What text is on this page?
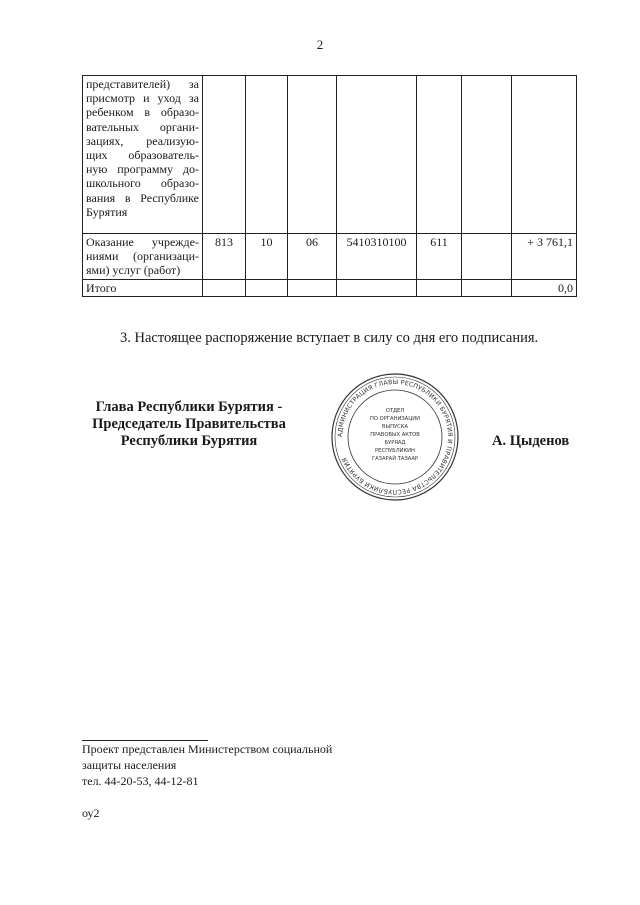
2
представителей) за присмотр и уход за ребенком в образо-вательных органи-зациях, реализую-щих образователь-ную программу до-школьного образо-вания в Республике Бурятия							
Оказание учрежде-ниями (организаци-ями) услуг (работ)	813	10	06	5410310100	611		+ 3 761,1
Итого							0,0
3. Настоящее распоряжение вступает в силу со дня его подписания.
Глава Республики Бурятия -
Председатель Правительства
Республики Бурятия	АДМИНИСТРАЦИЯ ГЛАВЫ РЕСПУБЛИКИ БУРЯТИЯ И ПРАВИТЕЛЬСТВА РЕСПУБЛИКИ БУРЯТИЯ
ОТДЕЛ
ПО ОРГАНИЗАЦИИ
ВЫПУСКА
ПРАВОВЫХ АКТОВ
БУРЯАД
РЕСПУБЛИКИН
ГАЗАРАЙ ТАЗААР
А. Цыденов
Проект представлен Министерством социальной
защиты населения
тел. 44-20-53, 44-12-81
оу2
